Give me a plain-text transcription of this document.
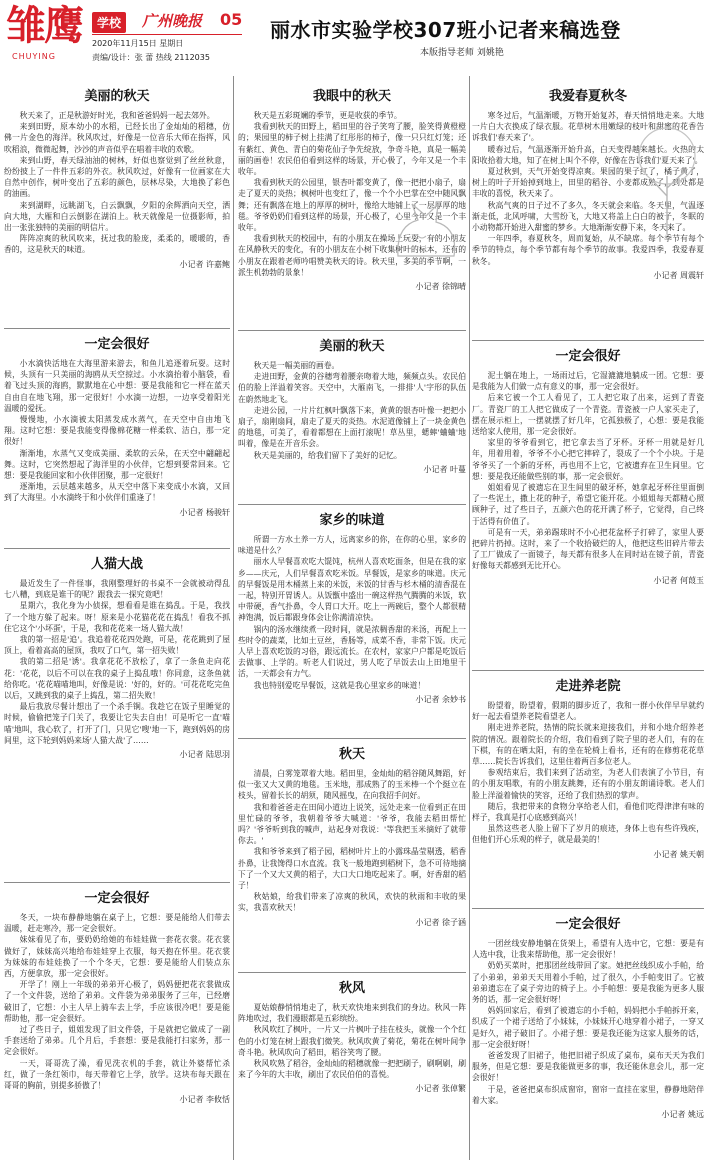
雏鹰
CHUYING
学校	广州晚报 05
2020年11月15日 星期日
责编/设计：张 蕾 热线 2112035
丽水市实验学校307班小记者来稿选登
本版指导老师 刘姚艳
美丽的秋天

秋天来了，正是秋游好时光，我和爸爸妈妈一起去郊外。

来到田野，原本幼小的水稻，已经长出了金灿灿的稻穗，仿佛一片金色的海洋。秋风吹过，好像是一位音乐大师在指挥，风吹稻浪，微微起舞，沙沙的声音似乎在唱着丰收的欢歌。

来到山野，春天绿油油的树林，好似也察觉到了丝丝秋意，纷纷披上了一件件五彩的外衣。秋风吹过，好像有一位画家在大自然中创作，树叶变出了五彩的颜色，层林尽染，大地换了彩色的油画。

来到湖畔，远眺湖飞，白云飘飘，夕阳的余辉洒向天空，洒向大地，大雁和白云倒影在湖泊上。秋天就像是一位摄影师，拍出一张张独特的美丽的明信片。

阵阵凉爽的秋风吹来，抚过我的脸庞，柔柔的，暖暖的，香香的，这是秋天的味道。

小记者 许嘉鲍
一定会很好

小水滴快活地在大海里游来游去，和鱼儿追逐着玩耍。这时候，头顶有一只美丽的海鸥从天空掠过。小水滴抬着小脑袋，看着飞过头顶的海鸥，默默地在心中想：要是我能和它一样在蓝天自由自在地飞翔，那一定很好！小水滴一边想，一边享受着阳光温暖的爱抚。

慢慢地，小水滴被太阳蒸发成水蒸气，在天空中自由地飞翔。这时它想：要是我能变得像棉花糖一样柔软、洁白，那一定很好！

渐渐地，水蒸气又变成美丽、柔软的云朵，在天空中翩翩起舞。这时，它突然想起了海洋里的小伙伴，它想到要常回来。它想：要是我能回家和小伙伴团聚，那一定很好！

逐渐地，云层越来越多，从天空中落下来变成小水滴，又回到了大海里。小水滴终于和小伙伴们重逢了！

小记者 杨骏轩
人猫大战

最近发生了一件怪事，我刚整理好的书桌不一会就被动得乱七八糟，到底是谁干的呢？跟我去一探究竟吧！

星期六，我化身为小侦探，想看看是谁在捣乱。于是，我找了一个地方躲了起来。呀！原来是小花猫花花在捣乱！看我不抓住它这个'小坏蛋'，于是，我和花花来一场人猫大战！

我的第一招是'追'。我追着花花四处跑，可是，花花跳到了屋顶上，看着高高的屋顶，我叹了口气，第一招失败！

我的第二招是'诱'。我拿花花不放松了，拿了一条鱼走向花花：'花花，以后不可以在我的桌子上捣乱哦！你同意，这条鱼就给你吃。'花花喵喵地叫，好像是说：'好的，好的。'可花花吃完鱼以后，又跳到我的桌子上捣乱，第二招失败！

最后我放尽餐计想出了一个杀手锏。我趁它在饭子里睡觉的时候，偷偷把笼子门关了，我要让它失去自由！可是听它一直'喵喵'地叫，我心软了，打开了门，只见它'嗖'地一下，跑到妈妈的房间里，这下轮到妈妈来场'人猫大战'了……

小记者 陆思羽
一定会很好

冬天，一块布静静地躺在桌子上，它想：要是能给人们带去温暖，赶走寒冷，那一定会很好。

妹妹看见了布，要奶奶给她的布娃娃做一套花衣裳。花衣裳做好了，妹妹高兴地给布娃娃穿上衣服，每天抱在怀里。花衣裳为妹妹的布娃娃换了一个个冬天，它想：要是能给人们装点东西，方便拿放，那一定会很好。

开学了！刚上一年级的弟弟开心极了，妈妈便把花衣裳做成了一个文件袋，送给了弟弟。文件袋为弟弟服务了三年，已经磨破旧了，它想：小主人早上骑车去上学，手应该很冷吧！要是能帮助他，那一定会很好。

过了些日子，姐姐发现了旧文件袋，于是就把它做成了一副手套送给了弟弟。几个月后，手套想：要是我能打扫家务，那一定会很好。

一天，哥哥洗了澡，看见洗衣机的手套，就让外婆帮忙杀红，做了一条红领巾，每天带着它上学，放学。这块布每天跟在哥哥的胸前，别提多骄傲了！

小记者 李攸恬
我眼中的秋天

秋天是五彩斑斓的季节，更是收获的季节。

我看到秋天的田野上，稻田里的谷子笑弯了腰，脸笑得黄橙橙的；果园里的柿子树上挂满了红彤彤的柿子，像一只只红灯笼；还有紫红、黄色、青白的菊花仙子争先绽放，争奇斗艳，真是一幅美丽的画卷！农民伯伯看到这样的场景，开心极了，今年又是一个丰收年。

我看到秋天的公园里，银杏叶都变黄了，像一把把小扇子，扇走了夏天的炎热；枫树叶也变红了，像一个个小巴掌在空中随风飘舞；还有飘落在地上的厚厚的树叶，像给大地铺上了一层厚厚的地毯。爷爷奶奶们看到这样的场景，开心极了，心里今年又是一个丰收年。

我看到秋天的校园中，有的小朋友在操场上玩耍，有的小朋友在风静秋天的变化，有的小朋友在小树下收集树叶的标本，还有的小朋友在跟着老师吟唱赞美秋天的诗。秋天里，多美的季节啊，一派生机勃勃的景象！

小记者 徐锦晴
美丽的秋天

秋天是一幅美丽的画卷。

走进田野，金黄的谷穗弯着腰亲吻着大地，频频点头。农民伯伯的脸上洋溢着笑容。天空中，大雁南飞，一排排'人'字形的队伍在蔚然地北飞。

走进公园，一片片红枫叶飘落下来，黄黄的银杏叶像一把把小扇子，扇刚扇间，扇走了夏天的炎热。水泥道像铺上了一块金黄色的地毯，可美了，看着都想在上面打滚呢！草丛里，蟋蟀'蛐蛐'地叫着，像是在开音乐会。

秋天是美丽的，给我们留下了美好的记忆。

小记者 叶蔓
家乡的味道

所谓一方水土养一方人，远离家乡的你，在你的心里，家乡的味道是什么？

丽水人早餐喜欢吃大馄饨，杭州人喜欢吃面条，但是在我的家乡——庆元，人们早餐喜欢吃米饭。早餐饭，是家乡的味道。庆元的早餐饭是用木桶蒸上来的米饭，米饭的甘香与杉木桶的清香混在一起，特别开胃诱人。从饭甑中盛出一碗这样热气腾腾的米饭，软中带硬，香气扑鼻，令人胃口大开。吃上一两碗后，整个人都很精神饱满，饭后都跟身体会让你满清凉快。

锅内的汤水继续煮一段时间，就是浓稠香甜的米汤，再配上一些时令的蔬菜，比如土豆丝，香肠等，成菜不香，非常下饭。庆元人早上喜欢吃饭的习俗，跟远流长。在农村，家家户户都是吃饭后去做事、上学的。听老人们说过，男人吃了早饭去山上田地里干活，一天都会有力气。

我也特别爱吃早餐饭，这就是我心里家乡的味道！

小记者 余妙书
秋天

清晨，白雾笼罩着大地。稻田里，金灿灿的稻谷随风舞蹈，好似一张又大又黄的地毯。玉米地，那成熟了的玉米棒一个个挺立在枝头，留着长长的胡须，随风摇曳，在向我招手问好。

我和着爸爸走在田间小道边上说笑，远处走来一位看到正在田里忙碌的爷爷，我朝着爷爷大喊道：'爷爷，我能去稻田帮忙吗？'爷爷听到我的喊声，站起身对我说：'等我把玉米摘好了就带你去。'

我和爷爷来到了稻子园，稻树叶片上的小露珠晶莹剔透，稻香扑鼻，让我馋得口水直流。我飞一般地跑到稻树下，急不可待地摘下了一个又大又黄的稻子，大口大口地吃起来了。啊，好香甜的稻子！

秋姑娘，给我们带来了凉爽的秋风，欢快的秋雨和丰收的果实，我喜欢秋天！

小记者 徐子涵
秋风

夏姑娘静悄悄地走了，秋天欢快地来到我们的身边。秋风一阵阵地吹过，我们漫眼都是五彩缤纷。

秋风吹红了枫叶，一片又一片枫叶子挂在枝头，就像一个个红色的小灯笼在树上跟我们微笑。秋风吹黄了菊花，菊花在树叶间争奇斗艳。秋风吹向了稻田，稻谷笑弯了腰。

秋风吹熟了稻谷，金灿灿的稻穗就像一把把刷子，刷啊刷，刷来了今年的大丰收，刷出了农民伯伯的喜悦。

小记者 张倬繁
我爱春夏秋冬

寒冬过后，气温渐暖，万物开始复苏，春天悄悄地走来。大地一片白大衣换成了绿衣服。花草树木用嫩绿的枝叶和甜蜜的花香告诉我们'春天来了'。

暖春过后，气温逐渐开始升高，白天变得越来越长。火热的太阳收拾着大地，知了在树上叫个不停，好像在告诉我们'夏天来了'。

夏过秋到，天气开始变得凉爽。果园的果子红了，橘子黄了，树上的叶子开始掉到地上，田里的稻谷、小麦都成熟了，到处都是丰收的喜悦，秋天来了。

秋高气爽的日子过不了多久，冬天就会来临。冬天里，气温逐渐走低，北风呼啸，大雪纷飞，大地又将盖上白白的被子，冬眠的小动物都开始进入甜蜜的梦乡。大地渐渐安静下来，冬天来了。

一年四季，春夏秋冬，周而复始，从不缺席。每个季节有每个季节的特点，每个季节都有每个季节的故事。我爱四季，我爱春夏秋冬。

小记者 周震轩
一定会很好

泥土躺在地上，一场雨过后，它湿漉漉地躺成一团。它想：要是我能为人们做一点有意义的事，那一定会很好。

后来它被一个工人看见了，工人把它取了出来，运到了青瓷厂。青瓷厂的工人把它做成了一个青瓷。青瓷被一户人家买走了，摆在展示柜上，一摆就摆了好几年，它孤独极了，心想：要是我能送给家人使用，那一定会很好。

家里的爷爷看到它，把它拿去当了牙杯。牙杯一用就是好几年，用着用着，爷爷不小心把它摔碎了，裂成了一个个小块。于是爷爷买了一个新的牙杯，再也用不上它，它被遗弃在卫生间里。它想：要是我还能做些别的事，那一定会很好。

姐姐看见了被遗忘在卫生间里的破牙杯，她拿起牙杯往里面倒了一些泥土，撒上花的种子，希望它能开花。小姐姐每天都精心照顾种子，过了些日子，五颜六色的花开满了杯子，它觉得，自己终于活得有价值了。

可是有一天，弟弟踢球时不小心把花盆杯子打碎了，家里人要把碎片扔掉。这时，来了一个收拾破烂的人，他把这些旧碎片带去了工厂做成了一面镜子，每天都有很多人在同时站在镜子前，青瓷好像每天都感到无比开心。

小记者 何葭玉
走进养老院

盼望着，盼望着，假期的脚步近了，我和一群小伙伴早早就约好一起去看望养老院看望老人。

刚走进养老院，热情的院长就来迎接我们，并和小地介绍养老院的情况。跟着院长的介绍，我们看到了院子里的老人们，有的在下棋，有的在晒太阳，有的坐在轮椅上看书，还有的在修剪花花草草……院长告诉我们，这里住着两百多位老人。

参观结束后，我们来到了活动室，为老人们表演了小节目，有的小朋友唱歌，有的小朋友跳舞，还有的小朋友朗诵诗歌。老人们脸上洋溢着愉快的笑容，还给了我们热烈的掌声。

随后，我把带来的食物分享给老人们，看他们吃得津津有味的样子，我真是打心底感到高兴！

虽然这些老人脸上留下了岁月的痕迹，身体上也有些许残疾，但他们开心乐观的样子，就是最美的！

小记者 姚天朝
一定会很好

一团丝线安静地躺在货架上，希望有人选中它，它想：要是有人选中我，让我来帮助他，那一定会很好！

奶奶买菜时，把那团丝线带回了家。她把丝线织成小手帕，给了小弟弟，弟弟天天用着小手帕，过了很久，小手帕变旧了。它被弟弟遗忘在了桌子旁边的椅子上。小手帕想：要是我能为更多人服务的话，那一定会很好呀！

妈妈回家后，看到了被遗忘的小手帕，妈妈把小手帕拆开来，织成了一个裙子送给了小妹妹，小妹妹开心地穿着小裙子，一穿又是好久，裙子破旧了。小裙子想：要是我还能为这家人服务的话，那一定会很好呀！

爸爸发现了旧裙子，他把旧裙子织成了桌布，桌布天天为我们服务，但是它想：要是我能做更多的事，我还能休息会儿，那一定会很好！

于是，爸爸把桌布织成窗帘，窗帘一直挂在家里，静静地陪伴着大家。

小记者 姚远
